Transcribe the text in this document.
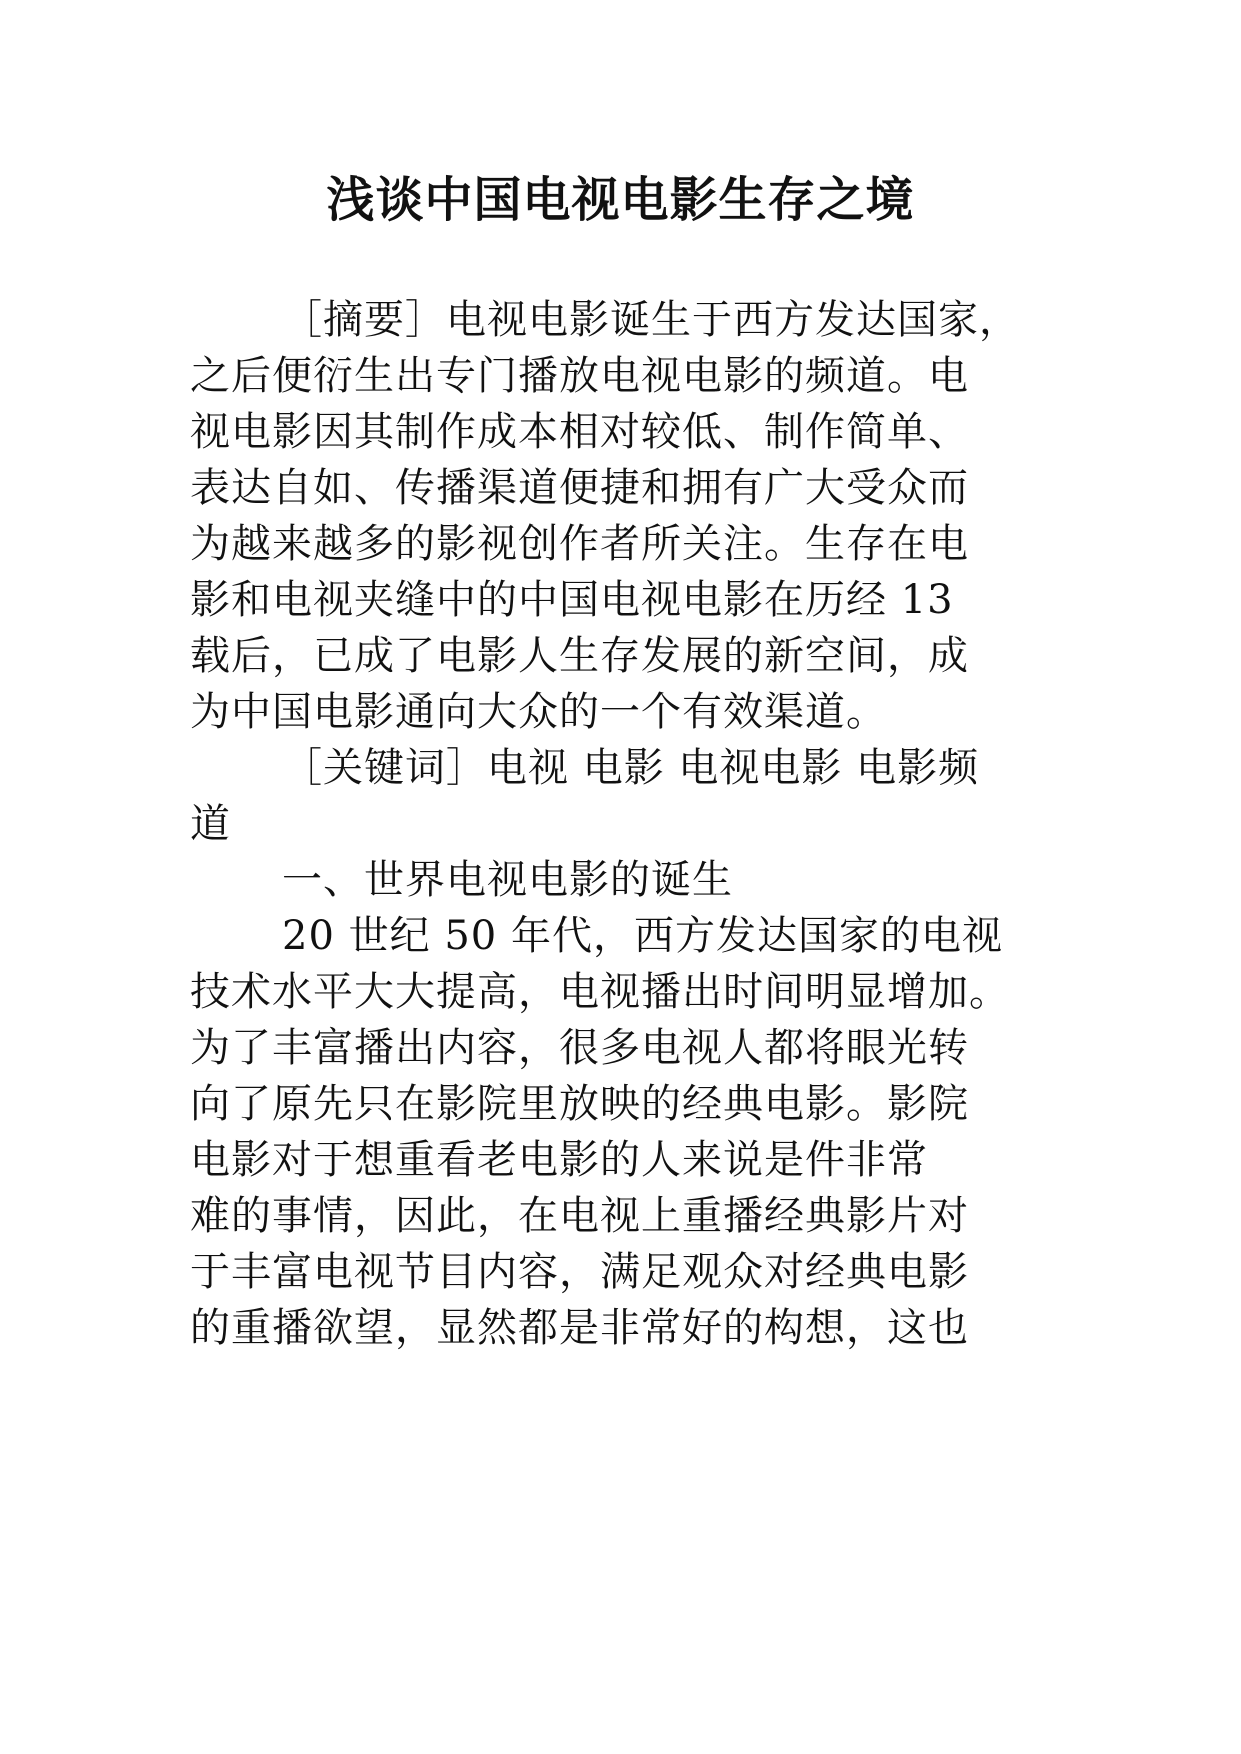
浅谈中国电视电影生存之境
［摘要］电视电影诞生于西方发达国家，
之后便衍生出专门播放电视电影的频道。电
视电影因其制作成本相对较低、制作简单、
表达自如、传播渠道便捷和拥有广大受众而
为越来越多的影视创作者所关注。生存在电
影和电视夹缝中的中国电视电影在历经 13
载后，已成了电影人生存发展的新空间，成
为中国电影通向大众的一个有效渠道。
［关键词］电视 电影 电视电影 电影频
道
一、世界电视电影的诞生
20 世纪 50 年代，西方发达国家的电视
技术水平大大提高，电视播出时间明显增加。
为了丰富播出内容，很多电视人都将眼光转
向了原先只在影院里放映的经典电影。影院
电影对于想重看老电影的人来说是件非常
难的事情，因此，在电视上重播经典影片对
于丰富电视节目内容，满足观众对经典电影
的重播欲望，显然都是非常好的构想，这也
